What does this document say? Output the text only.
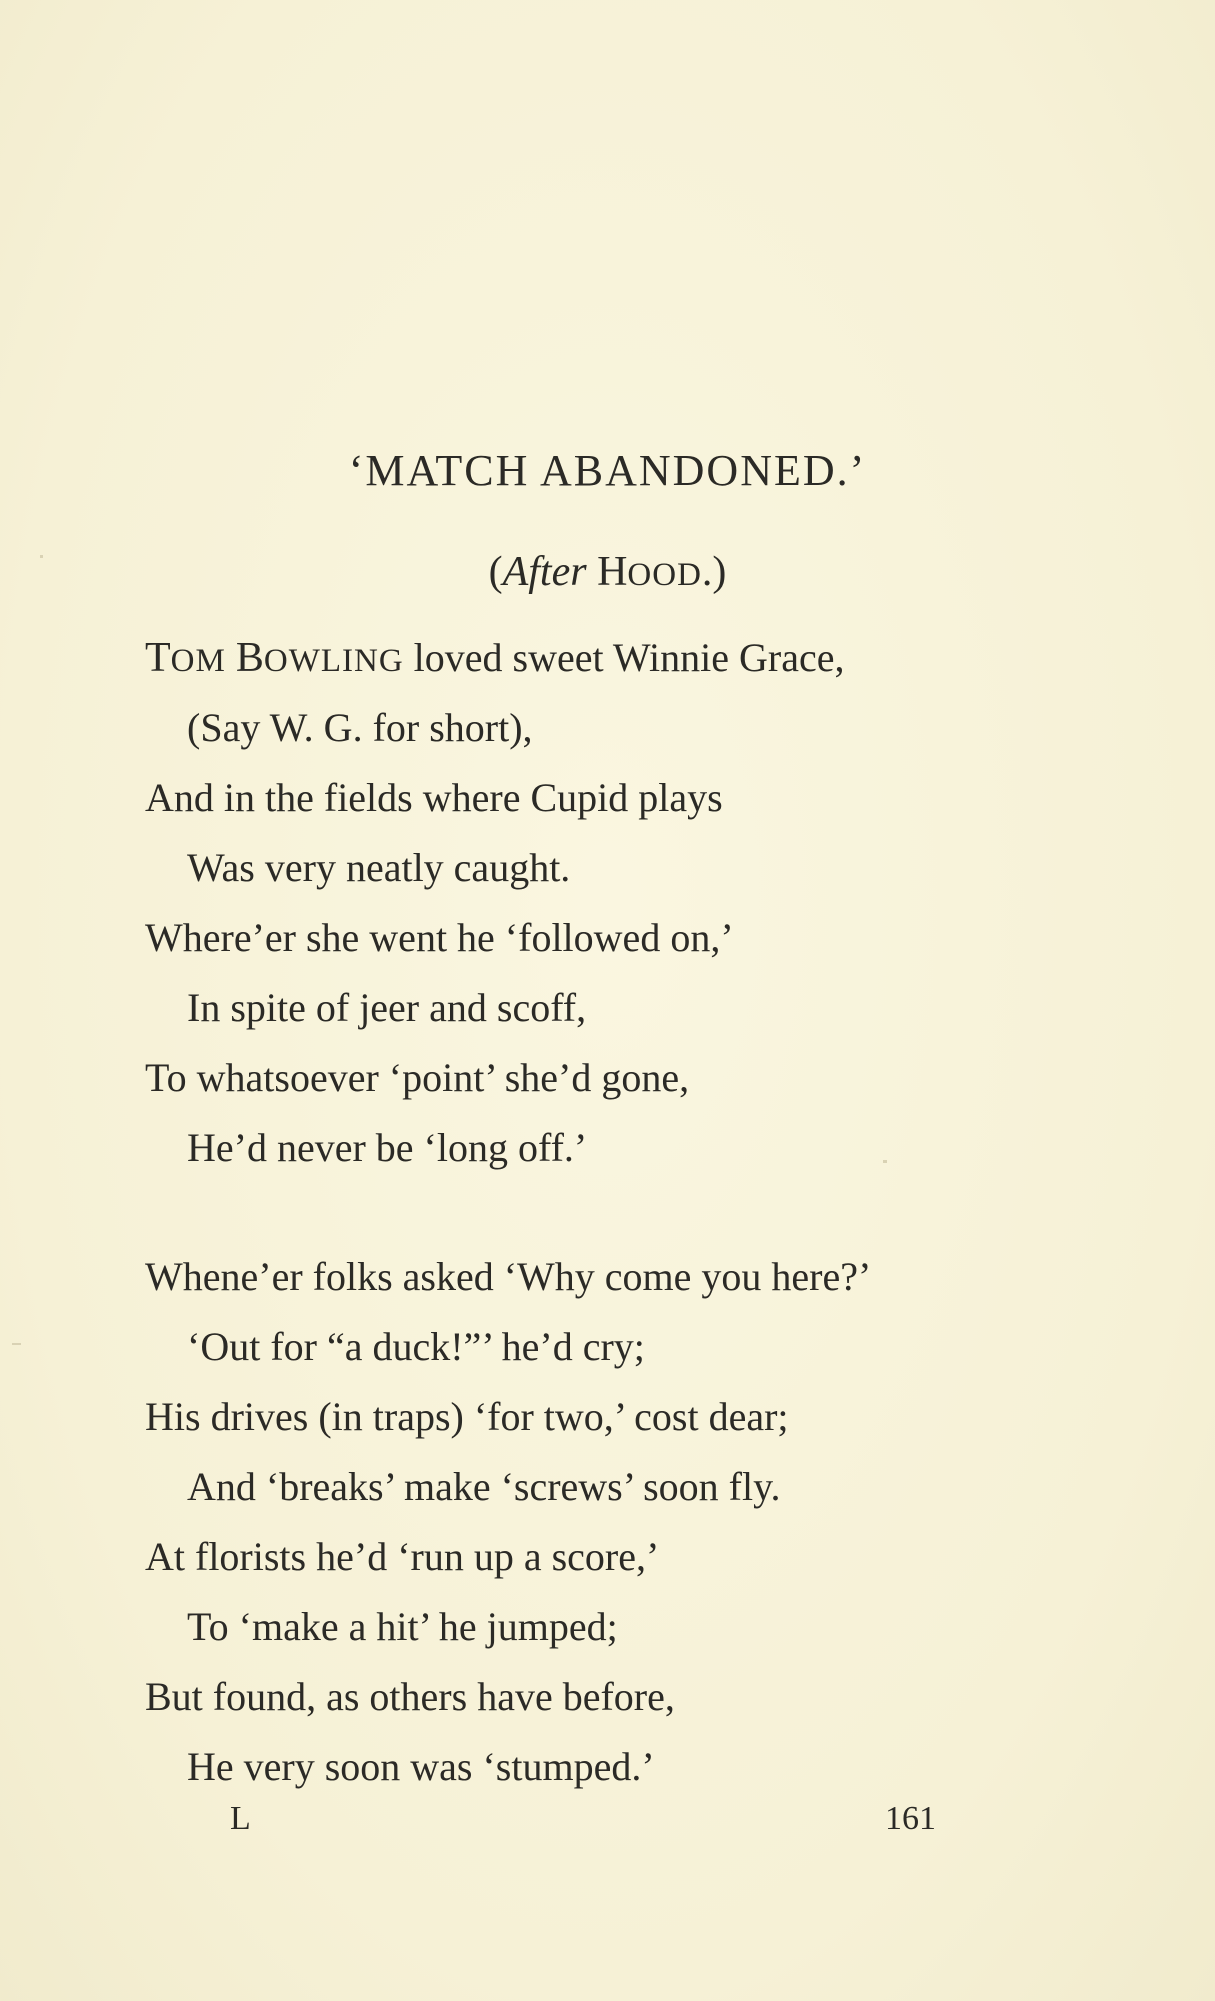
‘MATCH ABANDONED.’
(After HOOD.)

TOM BOWLING loved sweet Winnie Grace,

(Say W. G. for short),

And in the fields where Cupid plays

Was very neatly caught.

Where’er she went he ‘followed on,’

In spite of jeer and scoff,

To whatsoever ‘point’ she’d gone,

He’d never be ‘long off.’

Whene’er folks asked ‘Why come you here?’

‘Out for “a duck!”’ he’d cry;

His drives (in traps) ‘for two,’ cost dear;

And ‘breaks’ make ‘screws’ soon fly.

At florists he’d ‘run up a score,’

To ‘make a hit’ he jumped;

But found, as others have before,

He very soon was ‘stumped.’

L	161
